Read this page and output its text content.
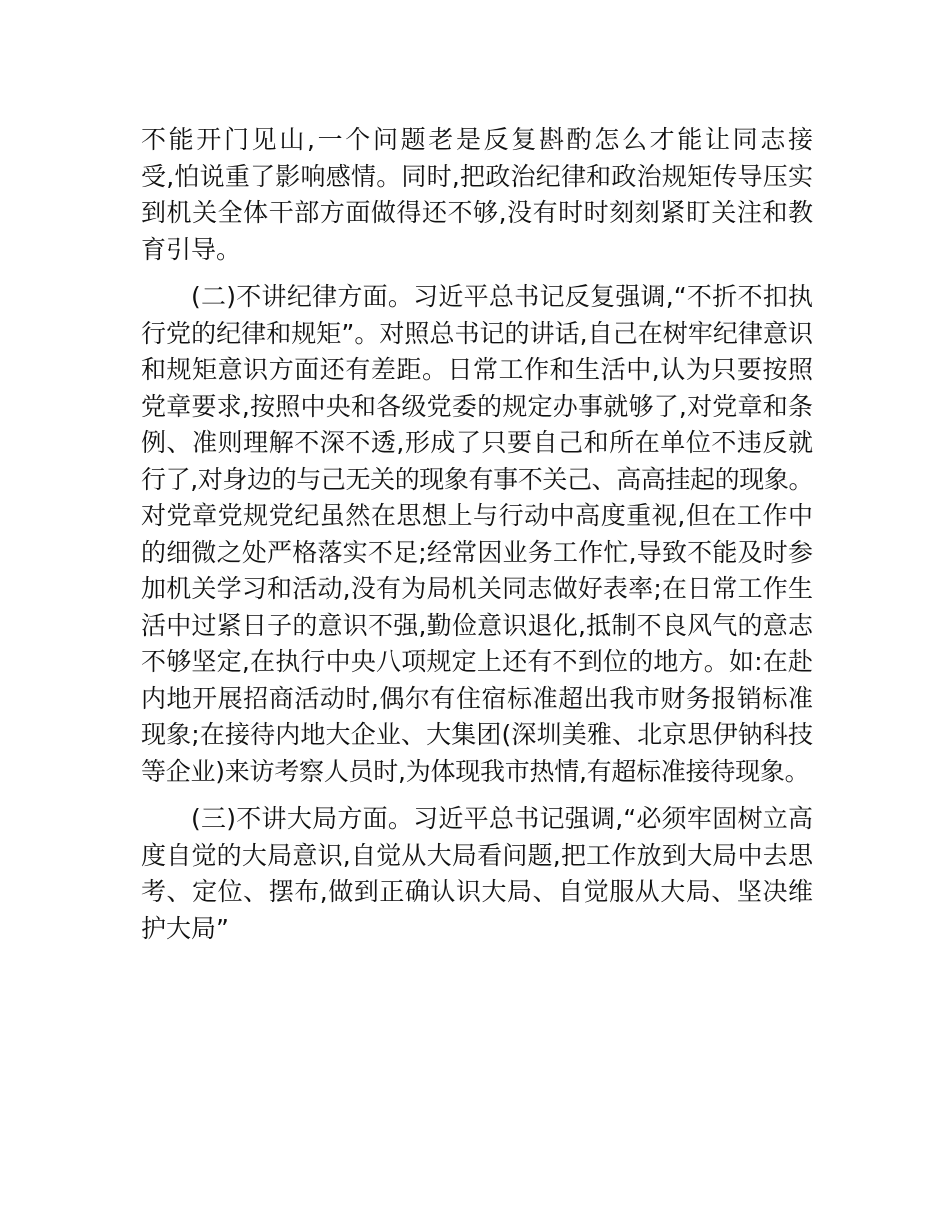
不能开门见山,一个问题老是反复斟酌怎么才能让同志接
受,怕说重了影响感情。同时,把政治纪律和政治规矩传导压实
到机关全体干部方面做得还不够,没有时时刻刻紧盯关注和教
育引导。
(二)不讲纪律方面。习近平总书记反复强调,“不折不扣执
行党的纪律和规矩”。对照总书记的讲话,自己在树牢纪律意识
和规矩意识方面还有差距。日常工作和生活中,认为只要按照
党章要求,按照中央和各级党委的规定办事就够了,对党章和条
例、准则理解不深不透,形成了只要自己和所在单位不违反就
行了,对身边的与己无关的现象有事不关己、高高挂起的现象。
对党章党规党纪虽然在思想上与行动中高度重视,但在工作中
的细微之处严格落实不足;经常因业务工作忙,导致不能及时参
加机关学习和活动,没有为局机关同志做好表率;在日常工作生
活中过紧日子的意识不强,勤俭意识退化,抵制不良风气的意志
不够坚定,在执行中央八项规定上还有不到位的地方。如:在赴
内地开展招商活动时,偶尔有住宿标准超出我市财务报销标准
现象;在接待内地大企业、大集团(深圳美雅、北京思伊钠科技
等企业)来访考察人员时,为体现我市热情,有超标准接待现象。
(三)不讲大局方面。习近平总书记强调,“必须牢固树立高
度自觉的大局意识,自觉从大局看问题,把工作放到大局中去思
考、定位、摆布,做到正确认识大局、自觉服从大局、坚决维
护大局”
